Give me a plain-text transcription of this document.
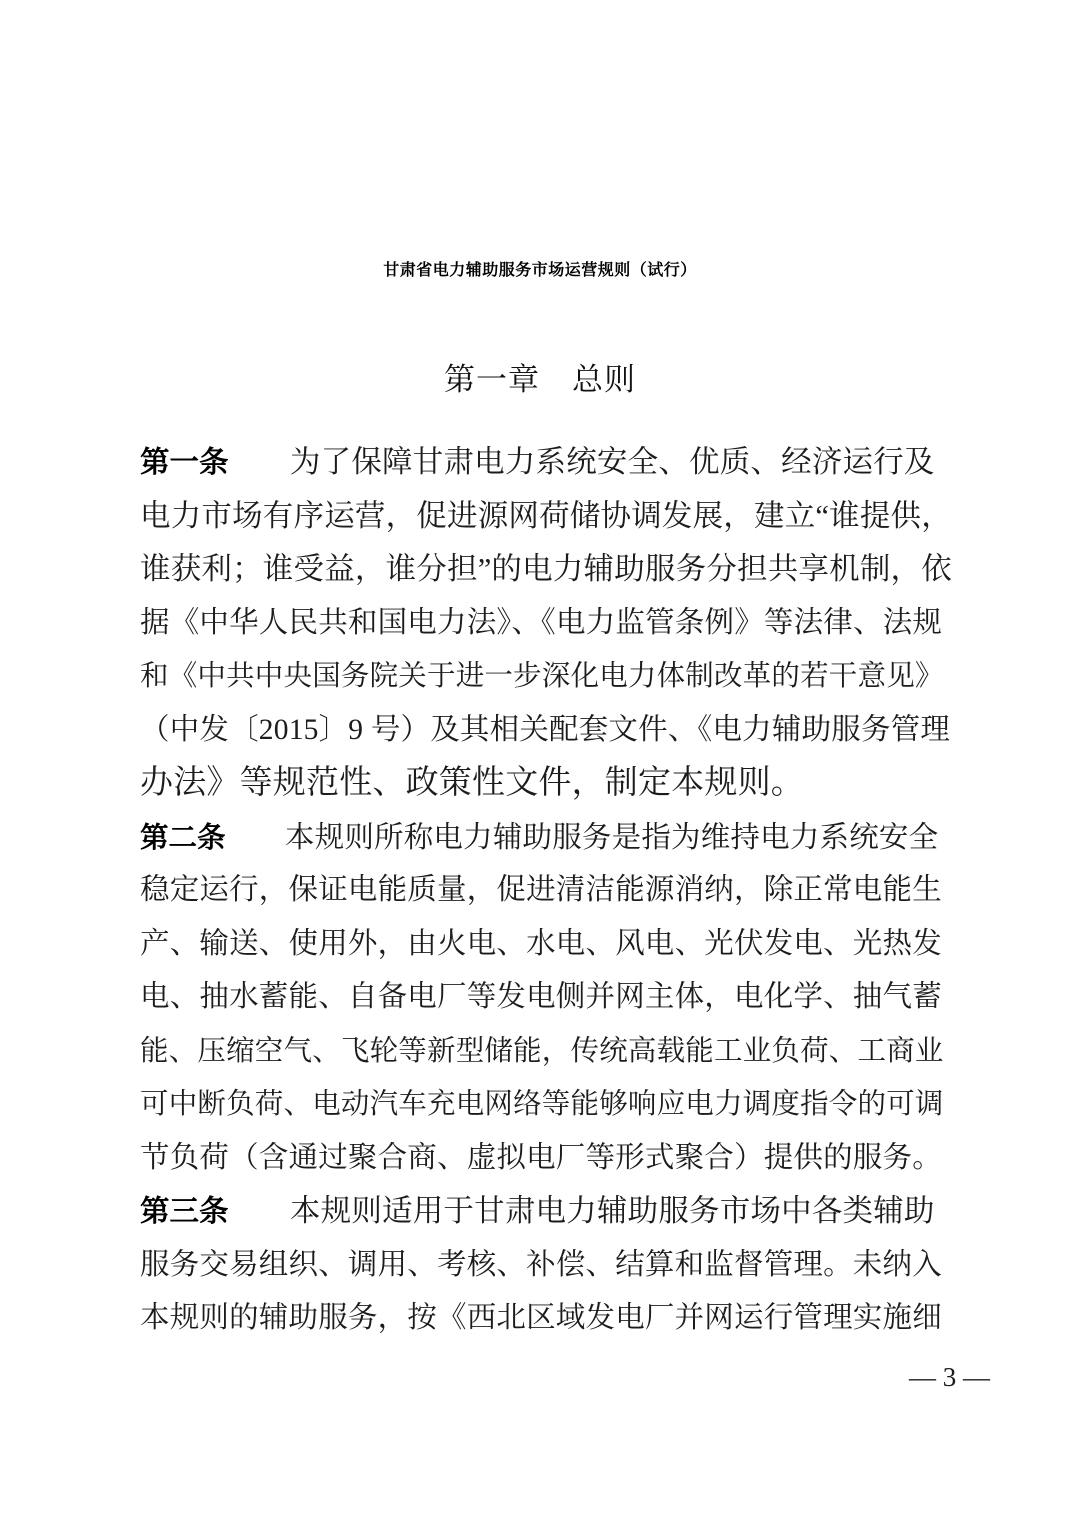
甘肃省电力辅助服务市场运营规则（试行）
第一章　总则
第一条　　为了保障甘肃电力系统安全、优质、经济运行及
电力市场有序运营，促进源网荷储协调发展，建立“谁提供，
谁获利；谁受益，谁分担”的电力辅助服务分担共享机制，依
据《中华人民共和国电力法》、《电力监管条例》等法律、法规
和《中共中央国务院关于进一步深化电力体制改革的若干意见》
（中发〔2015〕9 号）及其相关配套文件、《电力辅助服务管理
办法》等规范性、政策性文件，制定本规则。
第二条　　本规则所称电力辅助服务是指为维持电力系统安全
稳定运行，保证电能质量，促进清洁能源消纳，除正常电能生
产、输送、使用外，由火电、水电、风电、光伏发电、光热发
电、抽水蓄能、自备电厂等发电侧并网主体，电化学、抽气蓄
能、压缩空气、飞轮等新型储能，传统高载能工业负荷、工商业
可中断负荷、电动汽车充电网络等能够响应电力调度指令的可调
节负荷（含通过聚合商、虚拟电厂等形式聚合）提供的服务。
第三条　　本规则适用于甘肃电力辅助服务市场中各类辅助
服务交易组织、调用、考核、补偿、结算和监督管理。未纳入
本规则的辅助服务，按《西北区域发电厂并网运行管理实施细
— 3 —
